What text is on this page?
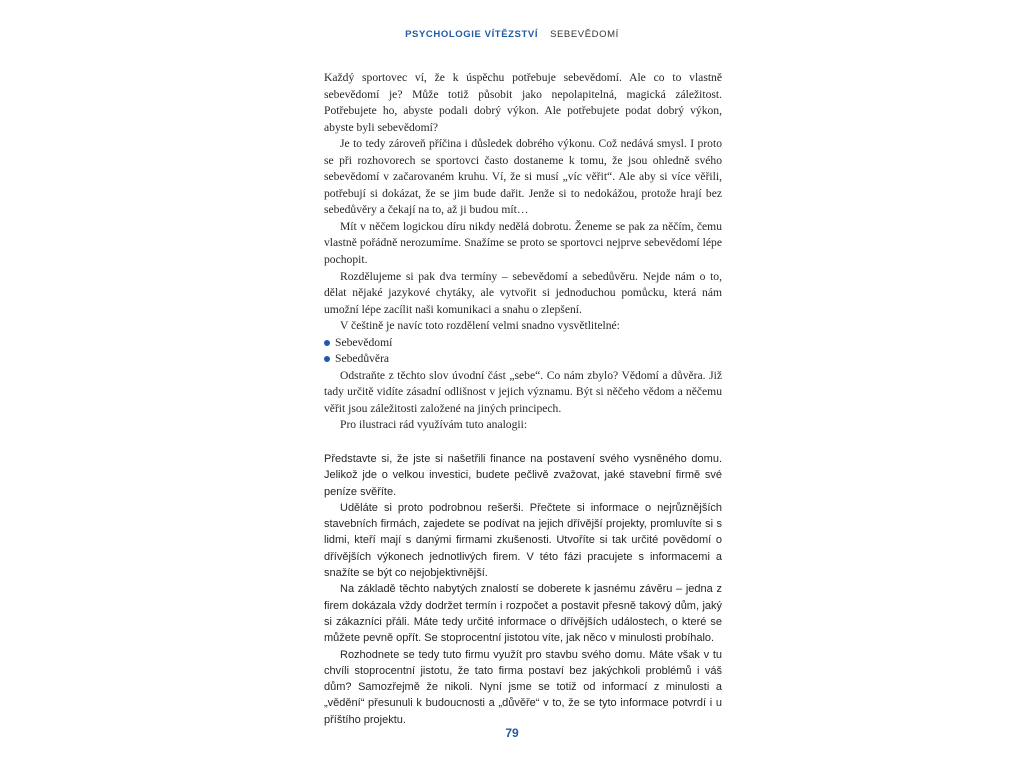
PSYCHOLOGIE VÍTĚZSTVÍ SEBEVĚDOMÍ

Každý sportovec ví, že k úspěchu potřebuje sebevědomí. Ale co to vlastně sebevědomí je? Může totiž působit jako nepolapitelná, magická záležitost. Potřebujete ho, abyste podali dobrý výkon. Ale potřebujete podat dobrý výkon, abyste byli sebevědomí?

Je to tedy zároveň příčina i důsledek dobrého výkonu. Což nedává smysl. I proto se při rozhovorech se sportovci často dostaneme k tomu, že jsou ohledně svého sebevědomí v začarovaném kruhu. Ví, že si musí „víc věřit“. Ale aby si více věřili, potřebují si dokázat, že se jim bude dařit. Jenže si to nedokážou, protože hrají bez sebedůvěry a čekají na to, až ji budou mít…

Mít v něčem logickou díru nikdy nedělá dobrotu. Ženeme se pak za něčím, čemu vlastně pořádně nerozumíme. Snažíme se proto se sportovci nejprve sebevědomí lépe pochopit.

Rozdělujeme si pak dva termíny – sebevědomí a sebedůvěru. Nejde nám o to, dělat nějaké jazykové chytáky, ale vytvořit si jednoduchou pomůcku, která nám umožní lépe zacílit naši komunikaci a snahu o zlepšení.

V češtině je navíc toto rozdělení velmi snadno vysvětlitelné:

Sebevědomí
Sebedůvěra

Odstraňte z těchto slov úvodní část „sebe“. Co nám zbylo? Vědomí a důvěra. Již tady určitě vidíte zásadní odlišnost v jejich významu. Být si něčeho vědom a něčemu věřit jsou záležitosti založené na jiných principech.

Pro ilustraci rád využívám tuto analogii:

Představte si, že jste si našetřili finance na postavení svého vysněného domu. Jelikož jde o velkou investici, budete pečlivě zvažovat, jaké stavební firmě své peníze svěříte.

Uděláte si proto podrobnou rešerši. Přečtete si informace o nejrůznějších stavebních firmách, zajedete se podívat na jejich dřívější projekty, promluvíte si s lidmi, kteří mají s danými firmami zkušenosti. Utvoříte si tak určité povědomí o dřívějších výkonech jednotlivých firem. V této fázi pracujete s informacemi a snažíte se být co nejobjektivnější.

Na základě těchto nabytých znalostí se doberete k jasnému závěru – jedna z firem dokázala vždy dodržet termín i rozpočet a postavit přesně takový dům, jaký si zákazníci přáli. Máte tedy určité informace o dřívějších událostech, o které se můžete pevně opřít. Se stoprocentní jistotou víte, jak něco v minulosti probíhalo.

Rozhodnete se tedy tuto firmu využít pro stavbu svého domu. Máte však v tu chvíli stoprocentní jistotu, že tato firma postaví bez jakýchkoli problémů i váš dům? Samozřejmě že nikoli. Nyní jsme se totiž od informací z minulosti a „vědění“ přesunuli k budoucnosti a „důvěře“ v to, že se tyto informace potvrdí i u příštího projektu.

79
